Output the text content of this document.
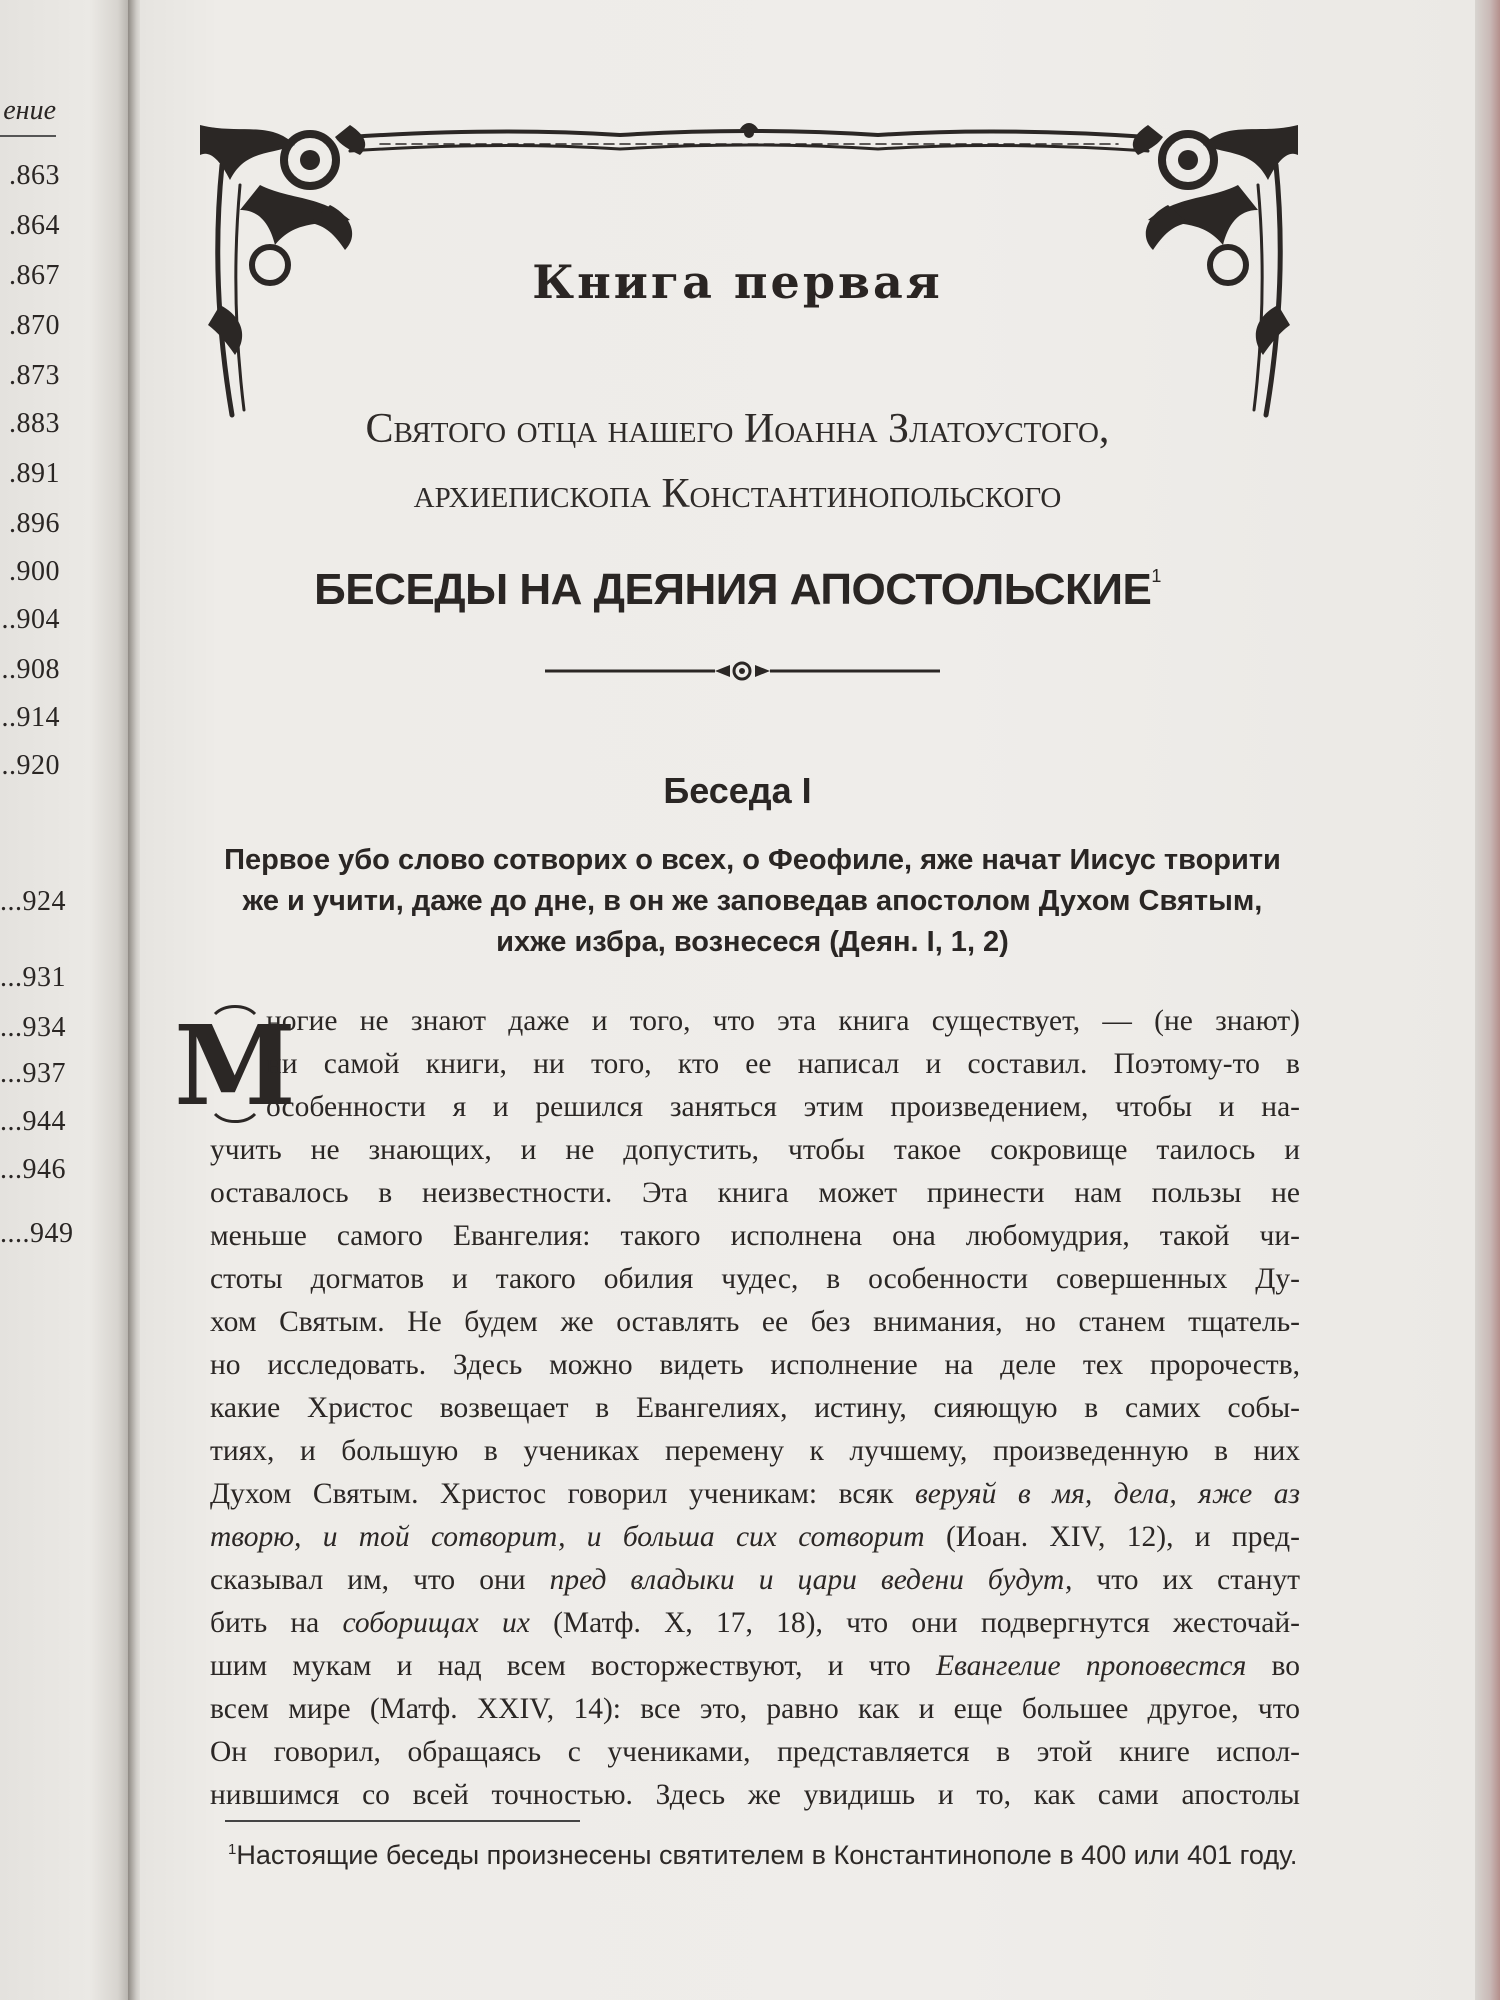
ение
.863
.864
.867
.870
.873
.883
.891
.896
.900
..904
..908
..914
..920
...924
...931
...934
...937
...944
...946
....949
Книга первая
Святого отца нашего Иоанна Златоустого,
архиепископа Константинопольского
БЕСЕДЫ НА ДЕЯНИЯ АПОСТОЛЬСКИЕ$^1$
Беседа I
Первое убо слово сотворих о всех, о Феофиле, яже начат Иисус творити
же и учити, даже до дне, в он же заповедав апостолом Духом Святым,
ихже избра, вознесеся (Деян. I, 1, 2)
М
ногие не знают даже и того, что эта книга существует, — (не знают)
ни самой книги, ни того, кто ее написал и составил. Поэтому-то в
особенности я и решился заняться этим произведением, чтобы и на-
учить не знающих, и не допустить, чтобы такое сокровище таилось и
оставалось в неизвестности. Эта книга может принести нам пользы не
меньше самого Евангелия: такого исполнена она любомудрия, такой чи-
стоты догматов и такого обилия чудес, в особенности совершенных Ду-
хом Святым. Не будем же оставлять ее без внимания, но станем тщатель-
но исследовать. Здесь можно видеть исполнение на деле тех пророчеств,
какие Христос возвещает в Евангелиях, истину, сияющую в самих собы-
тиях, и большую в учениках перемену к лучшему, произведенную в них
Духом Святым. Христос говорил ученикам: всяк веруяй в мя, дела, яже аз
творю, и той сотворит, и больша сих сотворит (Иоан. XIV, 12), и пред-
сказывал им, что они пред владыки и цари ведени будут, что их станут
бить на соборищах их (Матф. X, 17, 18), что они подвергнутся жесточай-
шим мукам и над всем восторжествуют, и что Евангелие проповестся во
всем мире (Матф. XXIV, 14): все это, равно как и еще большее другое, что
Он говорил, обращаясь с учениками, представляется в этой книге испол-
нившимся со всей точностью. Здесь же увидишь и то, как сами апостолы
$^1$Настоящие беседы произнесены святителем в Константинополе в 400 или 401 году.
